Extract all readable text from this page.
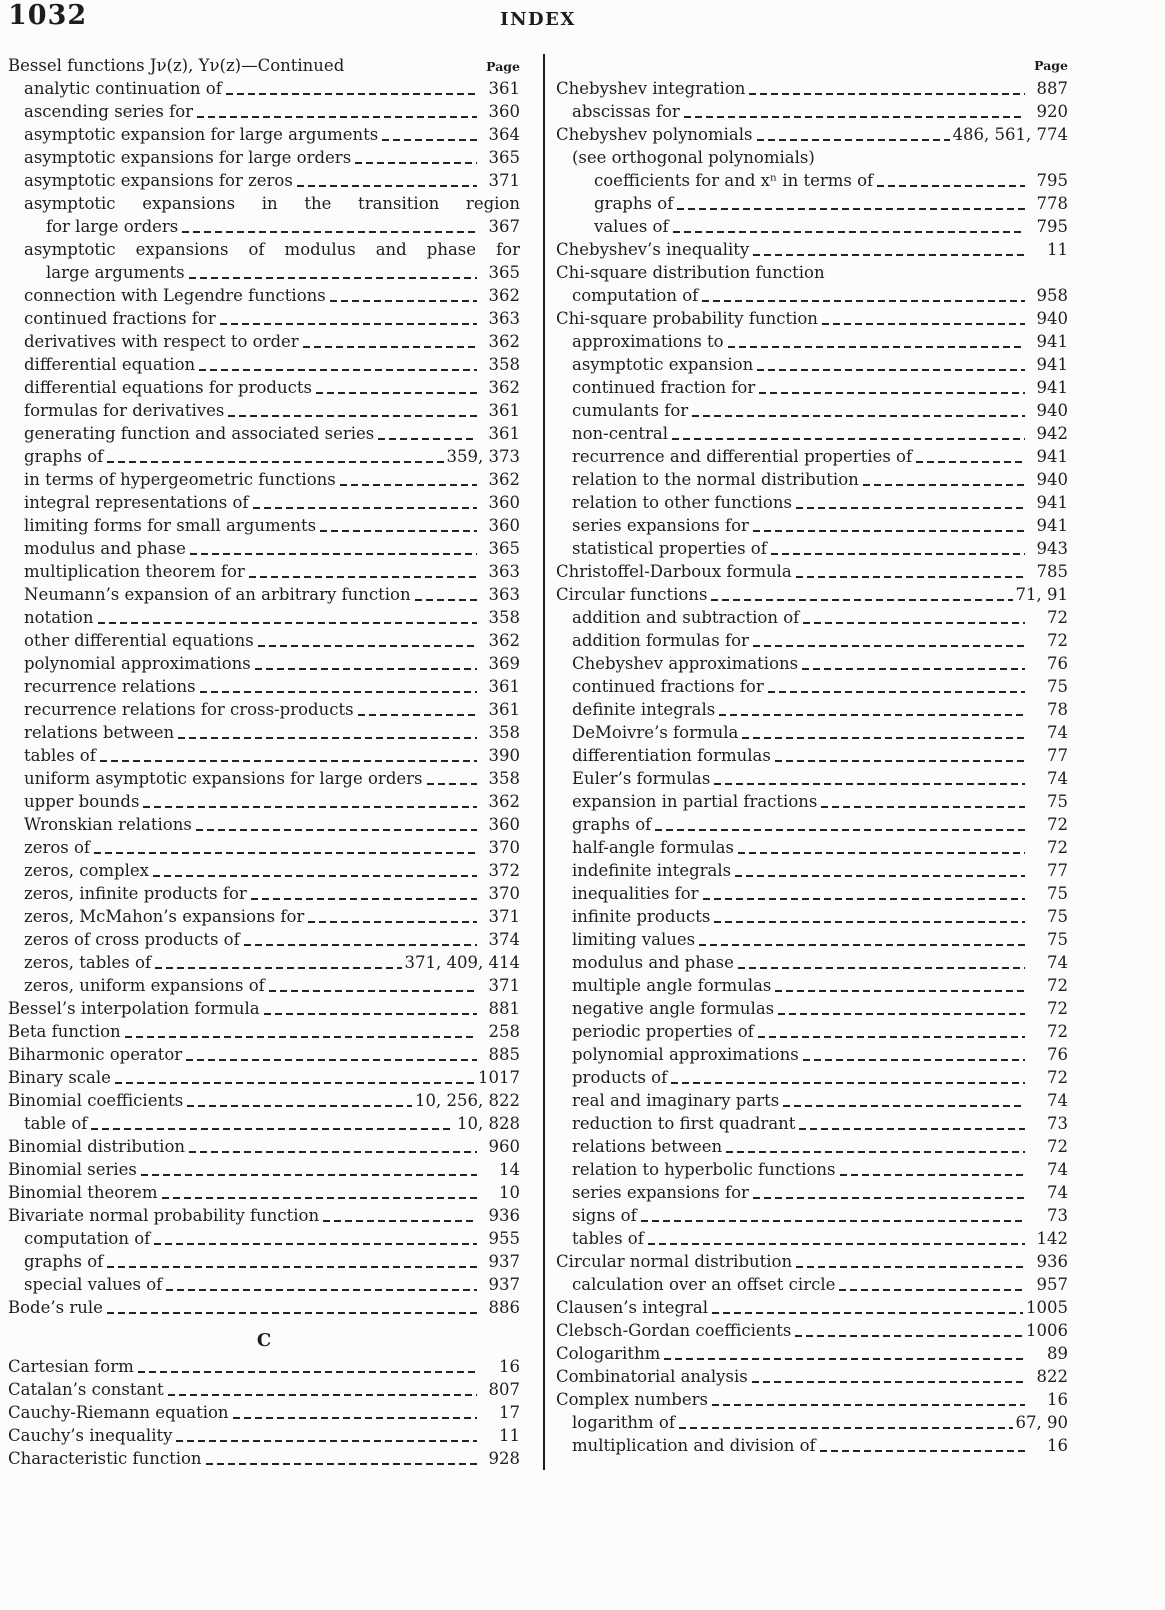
1032	INDEX
Bessel functions Jν(z), Yν(z)—Continued	Page
analytic continuation of	361
ascending series for	360
asymptotic expansion for large arguments	364
asymptotic expansions for large orders	365
asymptotic expansions for zeros	371
asymptotic expansions in the transition region
for large orders	367
asymptotic expansions of modulus and phase for
large arguments	365
connection with Legendre functions	362
continued fractions for	363
derivatives with respect to order	362
differential equation	358
differential equations for products	362
formulas for derivatives	361
generating function and associated series	361
graphs of	359, 373
in terms of hypergeometric functions	362
integral representations of	360
limiting forms for small arguments	360
modulus and phase	365
multiplication theorem for	363
Neumann’s expansion of an arbitrary function	363
notation	358
other differential equations	362
polynomial approximations	369
recurrence relations	361
recurrence relations for cross-products	361
relations between	358
tables of	390
uniform asymptotic expansions for large orders	358
upper bounds	362
Wronskian relations	360
zeros of	370
zeros, complex	372
zeros, infinite products for	370
zeros, McMahon’s expansions for	371
zeros of cross products of	374
zeros, tables of	371, 409, 414
zeros, uniform expansions of	371
Bessel’s interpolation formula	881
Beta function	258
Biharmonic operator	885
Binary scale	1017
Binomial coefficients	10, 256, 822
table of	10, 828
Binomial distribution	960
Binomial series	14
Binomial theorem	10
Bivariate normal probability function	936
computation of	955
graphs of	937
special values of	937
Bode’s rule	886
C
Cartesian form	16
Catalan’s constant	807
Cauchy-Riemann equation	17
Cauchy’s inequality	11
Characteristic function	928
Page
Chebyshev integration	887
abscissas for	920
Chebyshev polynomials	486, 561, 774
(see orthogonal polynomials)
coefficients for and xⁿ in terms of	795
graphs of	778
values of	795
Chebyshev’s inequality	11
Chi-square distribution function
computation of	958
Chi-square probability function	940
approximations to	941
asymptotic expansion	941
continued fraction for	941
cumulants for	940
non-central	942
recurrence and differential properties of	941
relation to the normal distribution	940
relation to other functions	941
series expansions for	941
statistical properties of	943
Christoffel-Darboux formula	785
Circular functions	71, 91
addition and subtraction of	72
addition formulas for	72
Chebyshev approximations	76
continued fractions for	75
definite integrals	78
DeMoivre’s formula	74
differentiation formulas	77
Euler’s formulas	74
expansion in partial fractions	75
graphs of	72
half-angle formulas	72
indefinite integrals	77
inequalities for	75
infinite products	75
limiting values	75
modulus and phase	74
multiple angle formulas	72
negative angle formulas	72
periodic properties of	72
polynomial approximations	76
products of	72
real and imaginary parts	74
reduction to first quadrant	73
relations between	72
relation to hyperbolic functions	74
series expansions for	74
signs of	73
tables of	142
Circular normal distribution	936
calculation over an offset circle	957
Clausen’s integral	1005
Clebsch-Gordan coefficients	1006
Cologarithm	89
Combinatorial analysis	822
Complex numbers	16
logarithm of	67, 90
multiplication and division of	16
